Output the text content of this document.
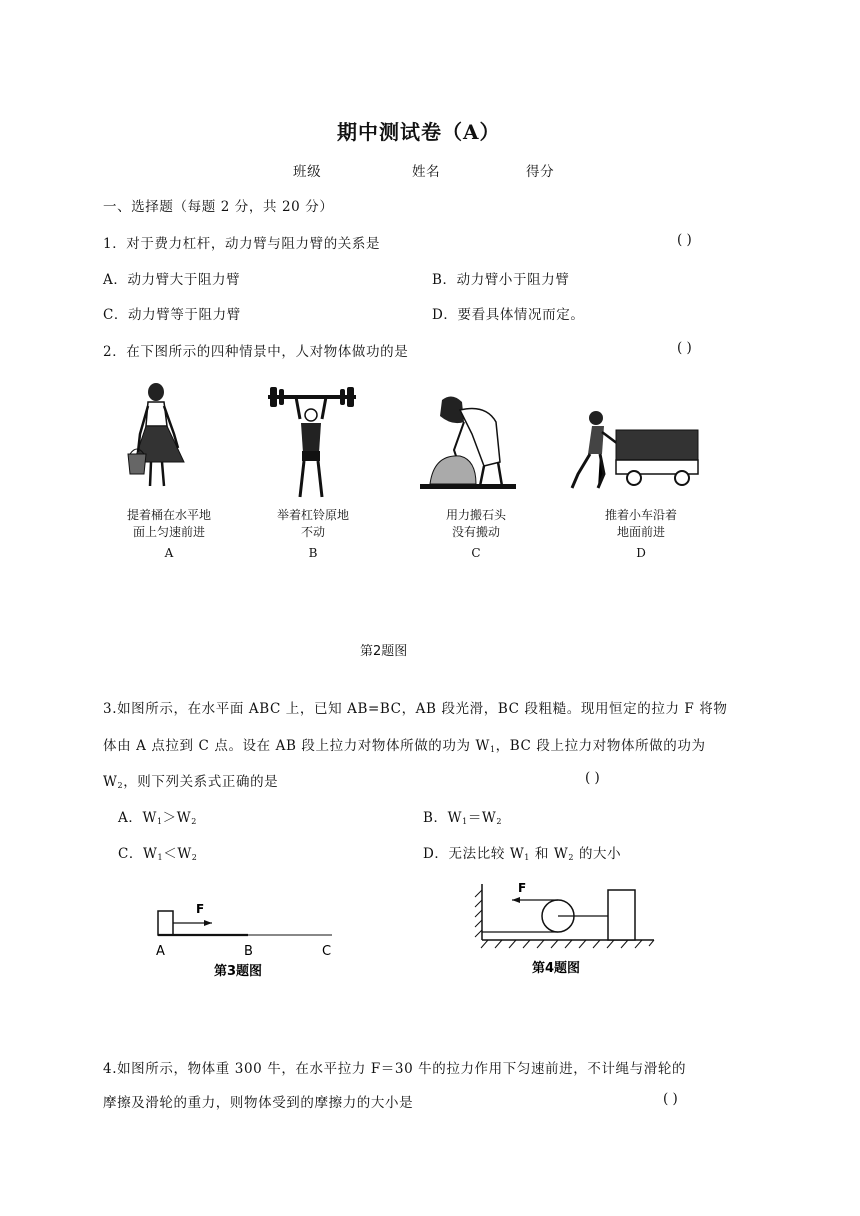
期中测试卷（A）
班级	姓名	得分
一、选择题（每题 2 分，共 20 分）
1．对于费力杠杆，动力臂与阻力臂的关系是	( )
A．动力臂大于阻力臂	B．动力臂小于阻力臂
C．动力臂等于阻力臂	D．要看具体情况而定。
2．在下图所示的四种情景中，人对物体做功的是	( )
提着桶在水平地
面上匀速前进
A
举着杠铃原地
不动
B
用力搬石头
没有搬动
C
推着小车沿着
地面前进
D
第2题图
3.如图所示，在水平面 ABC 上，已知 AB=BC，AB 段光滑，BC 段粗糙。现用恒定的拉力 F 将物
体由 A 点拉到 C 点。设在 AB 段上拉力对物体所做的功为 $W_1$，BC 段上拉力对物体所做的功为
$W_2$，则下列关系式正确的是	( )
A．$W_1>W_2$	B．$W_1=W_2$
C．$W_1<W_2$	D．无法比较 $W_1$ 和 $W_2$ 的大小
F
A	B	C
第3题图
F
第4题图
4.如图所示，物体重 300 牛，在水平拉力 F＝30 牛的拉力作用下匀速前进，不计绳与滑轮的
摩擦及滑轮的重力，则物体受到的摩擦力的大小是	( )
